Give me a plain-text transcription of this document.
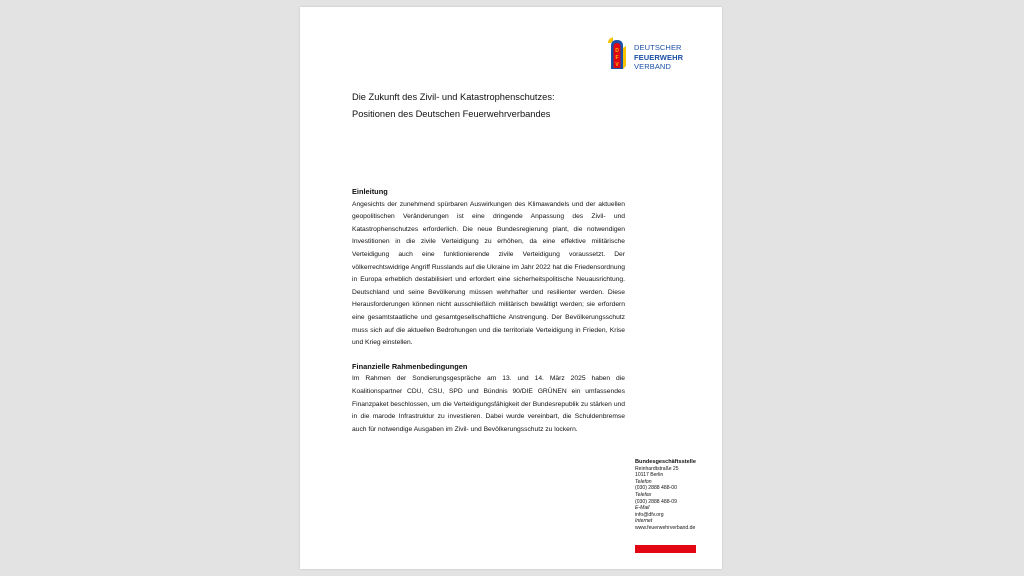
D
F
V
DEUTSCHER
FEUERWEHR
VERBAND
Die Zukunft des Zivil- und Katastrophenschutzes:
Positionen des Deutschen Feuerwehrverbandes
Einleitung

Angesichts der zunehmend spürbaren Auswirkungen des Klimawandels und der aktuellen geopolitischen Veränderungen ist eine dringende Anpassung des Zivil- und Katastrophenschutzes erforderlich. Die neue Bundesregierung plant, die notwendigen Investitionen in die zivile Verteidigung zu erhöhen, da eine effektive militärische Verteidigung auch eine funktionierende zivile Verteidigung voraussetzt. Der völkerrechtswidrige Angriff Russlands auf die Ukraine im Jahr 2022 hat die Friedensordnung in Europa erheblich destabilisiert und erfordert eine sicherheitspolitische Neuausrichtung. Deutschland und seine Bevölkerung müssen wehrhafter und resilienter werden. Diese Herausforderungen können nicht ausschließlich militärisch bewältigt werden; sie erfordern eine gesamtstaatliche und gesamtgesellschaftliche Anstrengung. Der Bevölkerungsschutz muss sich auf die aktuellen Bedrohungen und die territoriale Verteidigung in Frieden, Krise und Krieg einstellen.

Finanzielle Rahmenbedingungen

Im Rahmen der Sondierungsgespräche am 13. und 14. März 2025 haben die Koalitionspartner CDU, CSU, SPD und Bündnis 90/DIE GRÜNEN ein umfassendes Finanzpaket beschlossen, um die Verteidigungsfähigkeit der Bundesrepublik zu stärken und in die marode Infrastruktur zu investieren. Dabei wurde vereinbart, die Schuldenbremse auch für notwendige Ausgaben im Zivil- und Bevölkerungsschutz zu lockern.

Bundesgeschäftsstelle
Reinhardtstraße 25
10117 Berlin
Telefon
(030) 2888 488-00
Telefax
(030) 2888 488-09
E-Mail
info@dfv.org
Internet
www.feuerwehrverband.de
